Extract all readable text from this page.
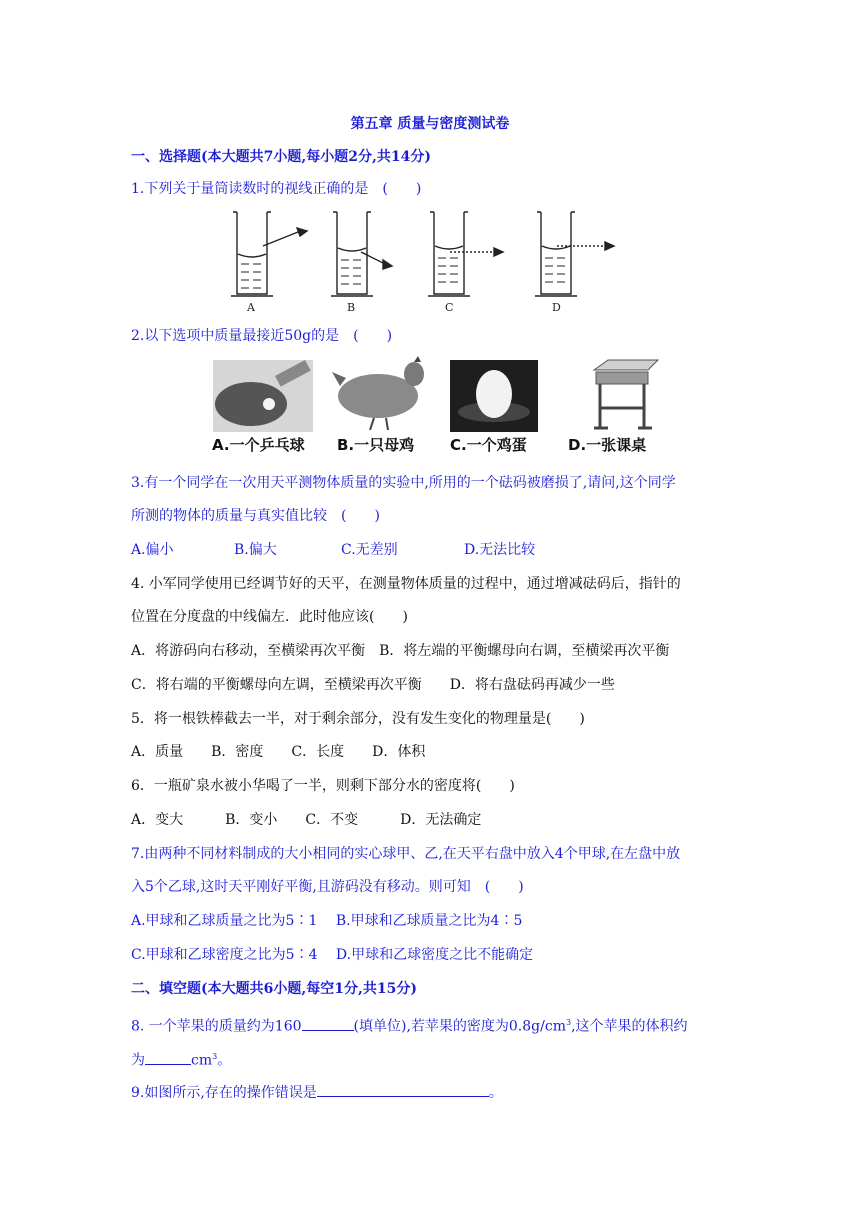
第五章 质量与密度测试卷
一、选择题(本大题共7小题,每小题2分,共14分)
1.下列关于量筒读数时的视线正确的是　(　　)
A	B	C	D
2.以下选项中质量最接近50g的是　(　　)
A.一个乒乓球 B.一只母鸡 C.一个鸡蛋	D.一张课桌
3.有一个同学在一次用天平测物体质量的实验中,所用的一个砝码被磨损了,请问,这个同学
所测的物体的质量与真实值比较　(　　)
A.偏小	B.偏大	C.无差别	D.无法比较
4. 小军同学使用已经调节好的天平，在测量物体质量的过程中，通过增减砝码后，指针的
位置在分度盘的中线偏左．此时他应该(　　)
A．将游码向右移动，至横梁再次平衡　B．将左端的平衡螺母向右调，至横梁再次平衡
C．将右端的平衡螺母向左调，至横梁再次平衡　　D．将右盘砝码再减少一些
5．将一根铁棒截去一半，对于剩余部分，没有发生变化的物理量是(　　)
A．质量　　B．密度　　C．长度　　D．体积
6．一瓶矿泉水被小华喝了一半，则剩下部分水的密度将(　　)
A．变大　　　B．变小　　C．不变　　　D．无法确定
7.由两种不同材料制成的大小相同的实心球甲、乙,在天平右盘中放入4个甲球,在左盘中放
入5个乙球,这时天平刚好平衡,且游码没有移动。则可知　(　　)
A.甲球和乙球质量之比为5∶1　 B.甲球和乙球质量之比为4∶5
C.甲球和乙球密度之比为5∶4　 D.甲球和乙球密度之比不能确定
二、填空题(本大题共6小题,每空1分,共15分)
8. 一个苹果的质量约为160	(填单位),若苹果的密度为$0.8g/cm^3$,这个苹果的体积约
为	$cm^3$。
9.如图所示,存在的操作错误是	。
